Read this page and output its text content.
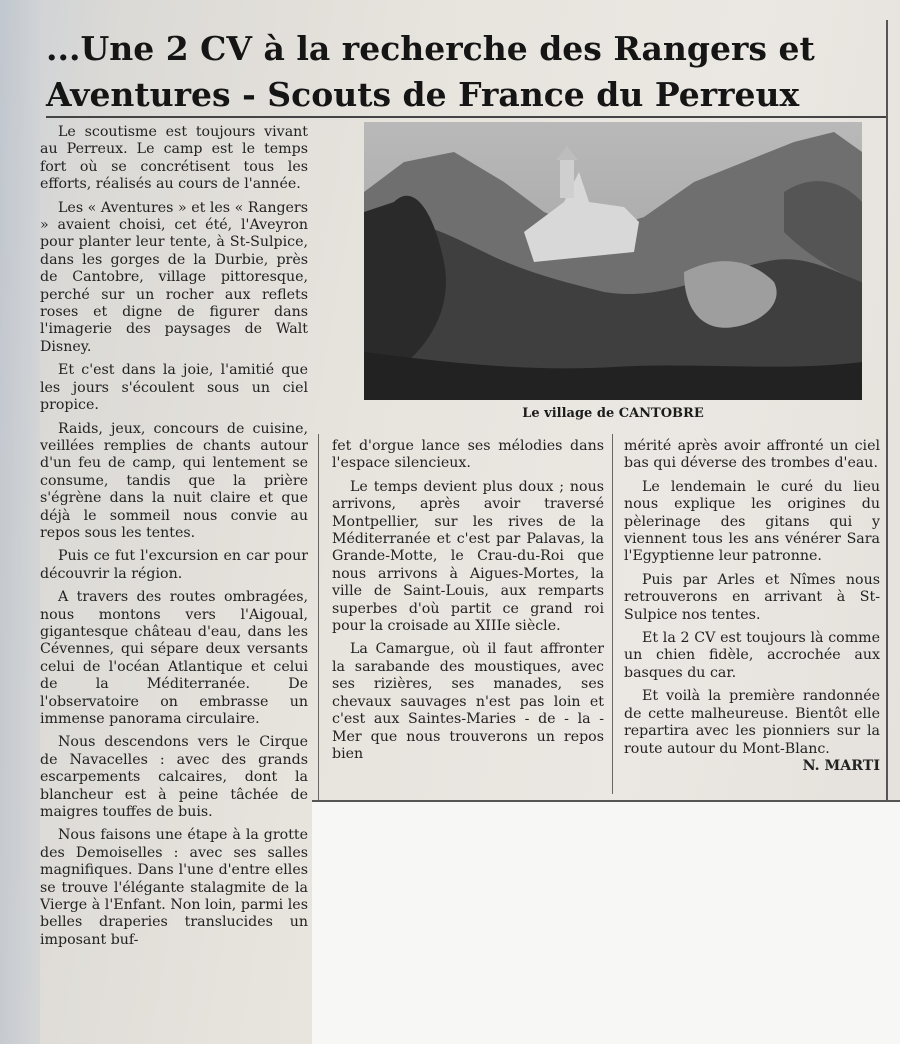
...Une 2 CV à la recherche des Rangers et
Aventures - Scouts de France du Perreux
Le village de CANTOBRE

Le scoutisme est toujours vivant au Perreux. Le camp est le temps fort où se concrétisent tous les efforts, réalisés au cours de l'année.

Les « Aventures » et les « Rangers » avaient choisi, cet été, l'Aveyron pour planter leur tente, à St-Sulpice, dans les gorges de la Durbie, près de Cantobre, village pittoresque, perché sur un rocher aux reflets roses et digne de figurer dans l'imagerie des paysages de Walt Disney.

Et c'est dans la joie, l'amitié que les jours s'écoulent sous un ciel propice.

Raids, jeux, concours de cuisine, veillées remplies de chants autour d'un feu de camp, qui lentement se consume, tandis que la prière s'égrène dans la nuit claire et que déjà le sommeil nous convie au repos sous les tentes.

Puis ce fut l'excursion en car pour découvrir la région.

A travers des routes ombragées, nous montons vers l'Aigoual, gigantesque château d'eau, dans les Cévennes, qui sépare deux versants celui de l'océan Atlantique et celui de la Méditerranée. De l'observatoire on embrasse un immense panorama circulaire.

Nous descendons vers le Cirque de Navacelles : avec des grands escarpements calcaires, dont la blancheur est à peine tâchée de maigres touffes de buis.

Nous faisons une étape à la grotte des Demoiselles : avec ses salles magnifiques. Dans l'une d'entre elles se trouve l'élégante stalagmite de la Vierge à l'Enfant. Non loin, parmi les belles draperies translucides un imposant buf-

fet d'orgue lance ses mélodies dans l'espace silencieux.

Le temps devient plus doux ; nous arrivons, après avoir traversé Montpellier, sur les rives de la Méditerranée et c'est par Palavas, la Grande-Motte, le Crau-du-Roi que nous arrivons à Aigues-Mortes, la ville de Saint-Louis, aux remparts superbes d'où partit ce grand roi pour la croisade au XIIIe siècle.

La Camargue, où il faut affronter la sarabande des moustiques, avec ses rizières, ses manades, ses chevaux sauvages n'est pas loin et c'est aux Saintes-Maries - de - la - Mer que nous trouverons un repos bien

mérité après avoir affronté un ciel bas qui déverse des trombes d'eau.

Le lendemain le curé du lieu nous explique les origines du pèlerinage des gitans qui y viennent tous les ans vénérer Sara l'Egyptienne leur patronne.

Puis par Arles et Nîmes nous retrouverons en arrivant à St-Sulpice nos tentes.

Et la 2 CV est toujours là comme un chien fidèle, accrochée aux basques du car.

Et voilà la première randonnée de cette malheureuse. Bientôt elle repartira avec les pionniers sur la route autour du Mont-Blanc.
N. MARTI
